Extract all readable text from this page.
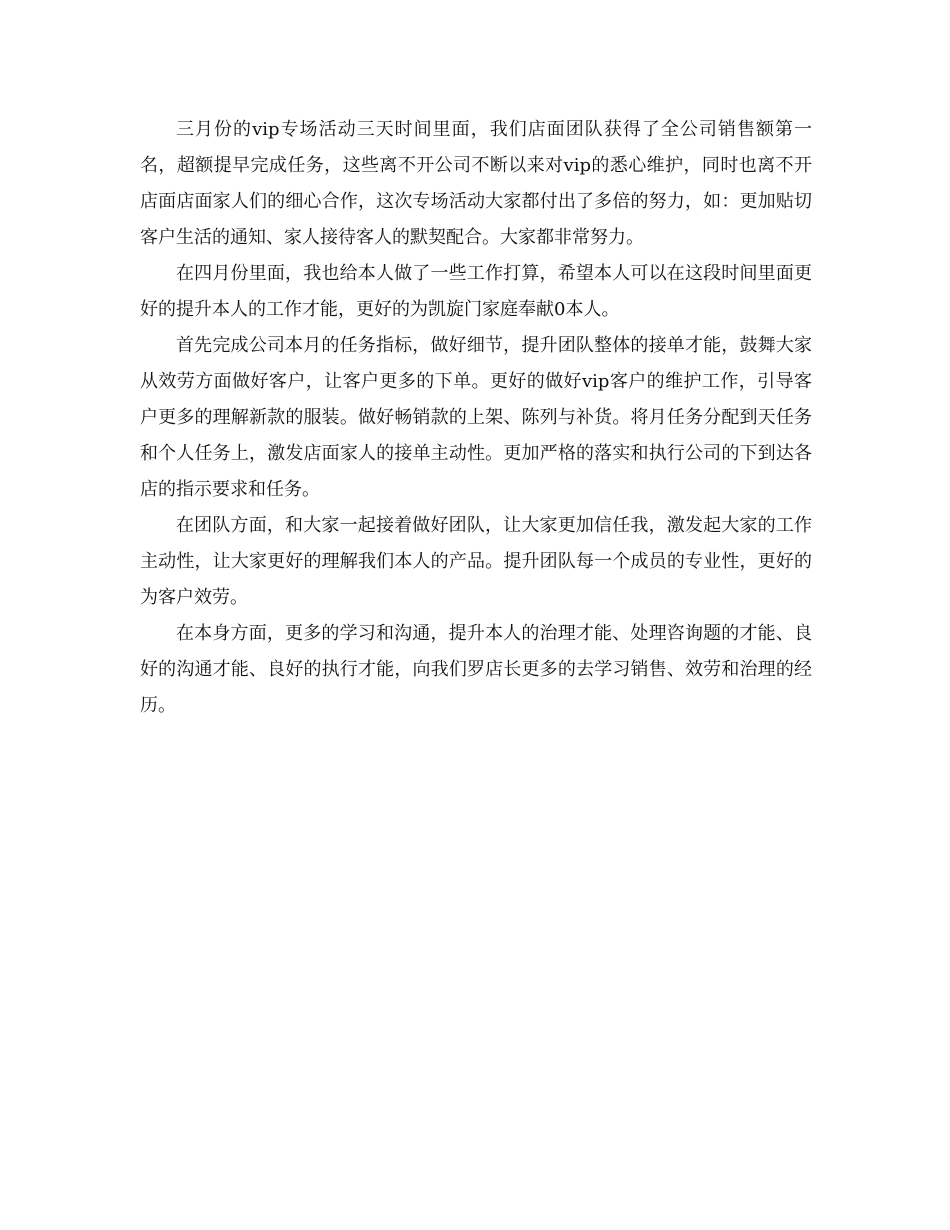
三月份的vip专场活动三天时间里面，我们店面团队获得了全公司销售额第一名，超额提早完成任务，这些离不开公司不断以来对vip的悉心维护，同时也离不开店面店面家人们的细心合作，这次专场活动大家都付出了多倍的努力，如：更加贴切客户生活的通知、家人接待客人的默契配合。大家都非常努力。

在四月份里面，我也给本人做了一些工作打算，希望本人可以在这段时间里面更好的提升本人的工作才能，更好的为凯旋门家庭奉献0本人。

首先完成公司本月的任务指标，做好细节，提升团队整体的接单才能，鼓舞大家从效劳方面做好客户，让客户更多的下单。更好的做好vip客户的维护工作，引导客户更多的理解新款的服装。做好畅销款的上架、陈列与补货。将月任务分配到天任务和个人任务上，激发店面家人的接单主动性。更加严格的落实和执行公司的下到达各店的指示要求和任务。

在团队方面，和大家一起接着做好团队，让大家更加信任我，激发起大家的工作主动性，让大家更好的理解我们本人的产品。提升团队每一个成员的专业性，更好的为客户效劳。

在本身方面，更多的学习和沟通，提升本人的治理才能、处理咨询题的才能、良好的沟通才能、良好的执行才能，向我们罗店长更多的去学习销售、效劳和治理的经历。
